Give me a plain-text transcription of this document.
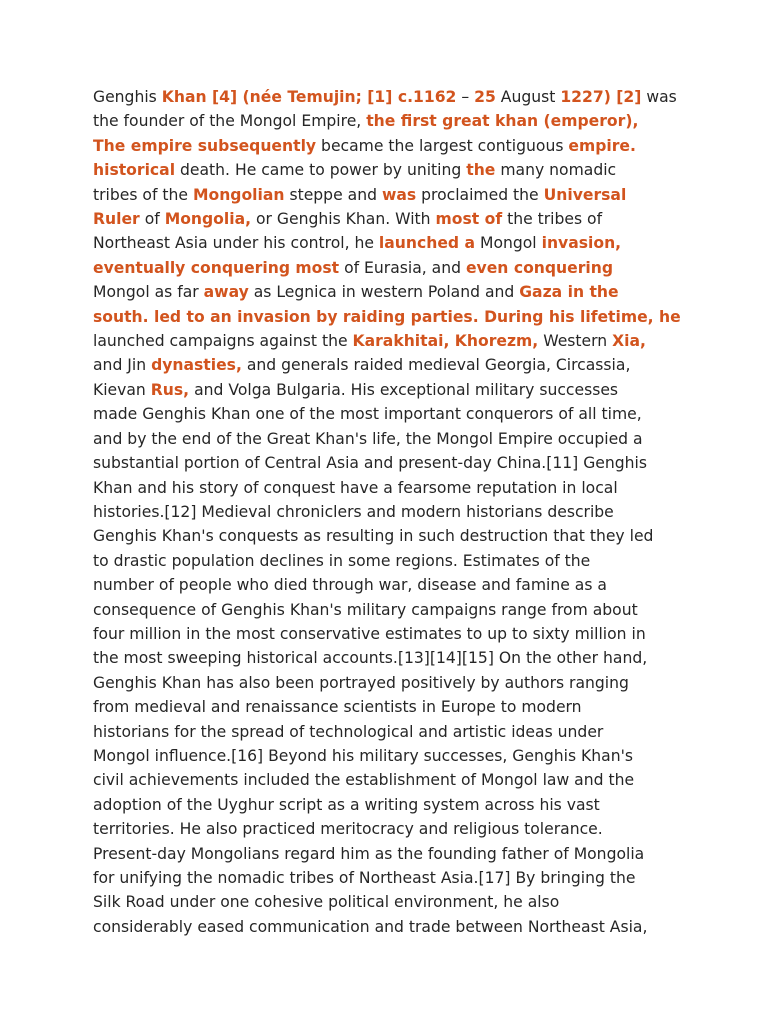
Genghis Khan [4] (née Temujin; [1] c.1162 – 25 August 1227) [2] was
the founder of the Mongol Empire, the first great khan (emperor),
The empire subsequently became the largest contiguous empire.
historical death. He came to power by uniting the many nomadic
tribes of the Mongolian steppe and was proclaimed the Universal
Ruler of Mongolia, or Genghis Khan. With most of the tribes of
Northeast Asia under his control, he launched a Mongol invasion,
eventually conquering most of Eurasia, and even conquering
Mongol as far away as Legnica in western Poland and Gaza in the
south. led to an invasion by raiding parties. During his lifetime, he
launched campaigns against the Karakhitai, Khorezm, Western Xia,
and Jin dynasties, and generals raided medieval Georgia, Circassia,
Kievan Rus, and Volga Bulgaria. His exceptional military successes
made Genghis Khan one of the most important conquerors of all time,
and by the end of the Great Khan's life, the Mongol Empire occupied a
substantial portion of Central Asia and present-day China.[11] Genghis
Khan and his story of conquest have a fearsome reputation in local
histories.[12] Medieval chroniclers and modern historians describe
Genghis Khan's conquests as resulting in such destruction that they led
to drastic population declines in some regions. Estimates of the
number of people who died through war, disease and famine as a
consequence of Genghis Khan's military campaigns range from about
four million in the most conservative estimates to up to sixty million in
the most sweeping historical accounts.[13][14][15] On the other hand,
Genghis Khan has also been portrayed positively by authors ranging
from medieval and renaissance scientists in Europe to modern
historians for the spread of technological and artistic ideas under
Mongol influence.[16] Beyond his military successes, Genghis Khan's
civil achievements included the establishment of Mongol law and the
adoption of the Uyghur script as a writing system across his vast
territories. He also practiced meritocracy and religious tolerance.
Present-day Mongolians regard him as the founding father of Mongolia
for unifying the nomadic tribes of Northeast Asia.[17] By bringing the
Silk Road under one cohesive political environment, he also
considerably eased communication and trade between Northeast Asia,
